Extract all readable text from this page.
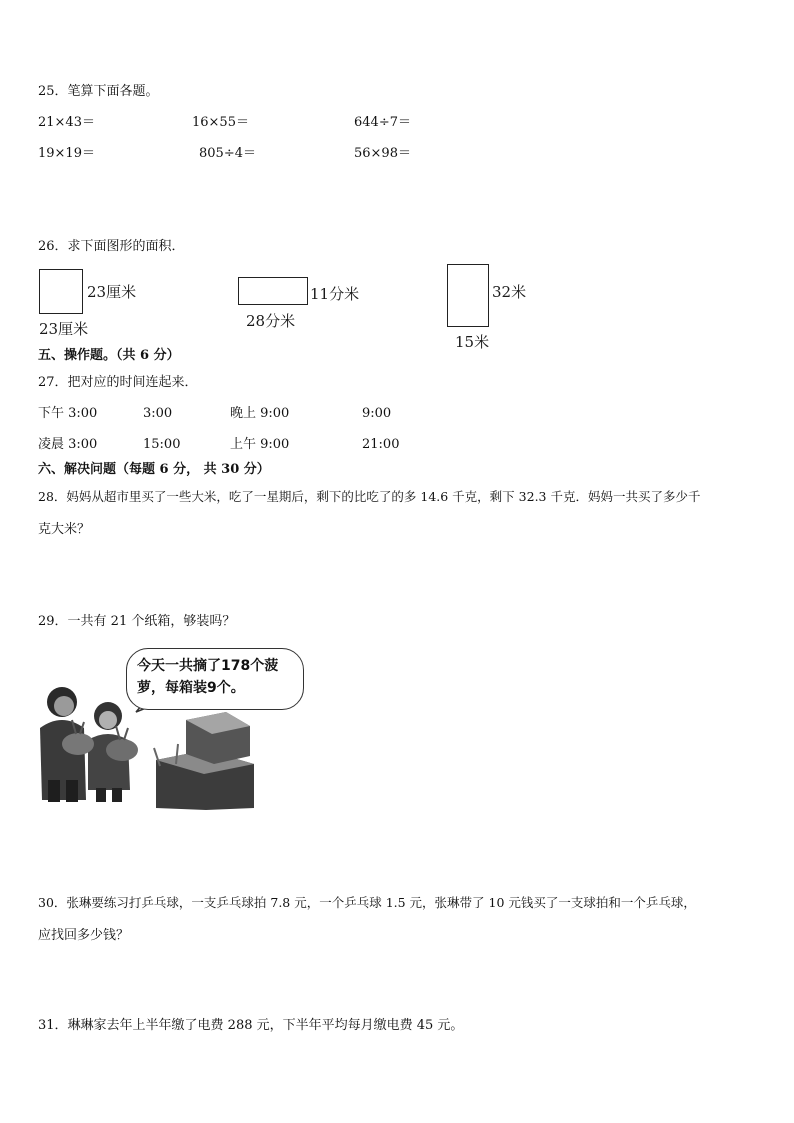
25．笔算下面各题。
21×43＝	16×55＝	644÷7＝
19×19＝	805÷4＝	56×98＝
26．求下面图形的面积．
23厘米
23厘米
11分米
28分米
32米
15米
五、操作题。（共 6 分）
27．把对应的时间连起来．
下午 3:00	3:00	晚上 9:00	9:00
凌晨 3:00	15:00	上午 9:00	21:00
六、解决问题（每题 6 分， 共 30 分）
28．妈妈从超市里买了一些大米，吃了一星期后，剩下的比吃了的多 14.6 千克，剩下 32.3 千克．妈妈一共买了多少千
克大米？
29．一共有 21 个纸箱，够装吗？
今天一共摘了178个菠
萝，每箱装9个。
30．张琳要练习打乒乓球，一支乒乓球拍 7.8 元，一个乒乓球 1.5 元，张琳带了 10 元钱买了一支球拍和一个乒乓球，
应找回多少钱？
31．琳琳家去年上半年缴了电费 288 元，下半年平均每月缴电费 45 元。
